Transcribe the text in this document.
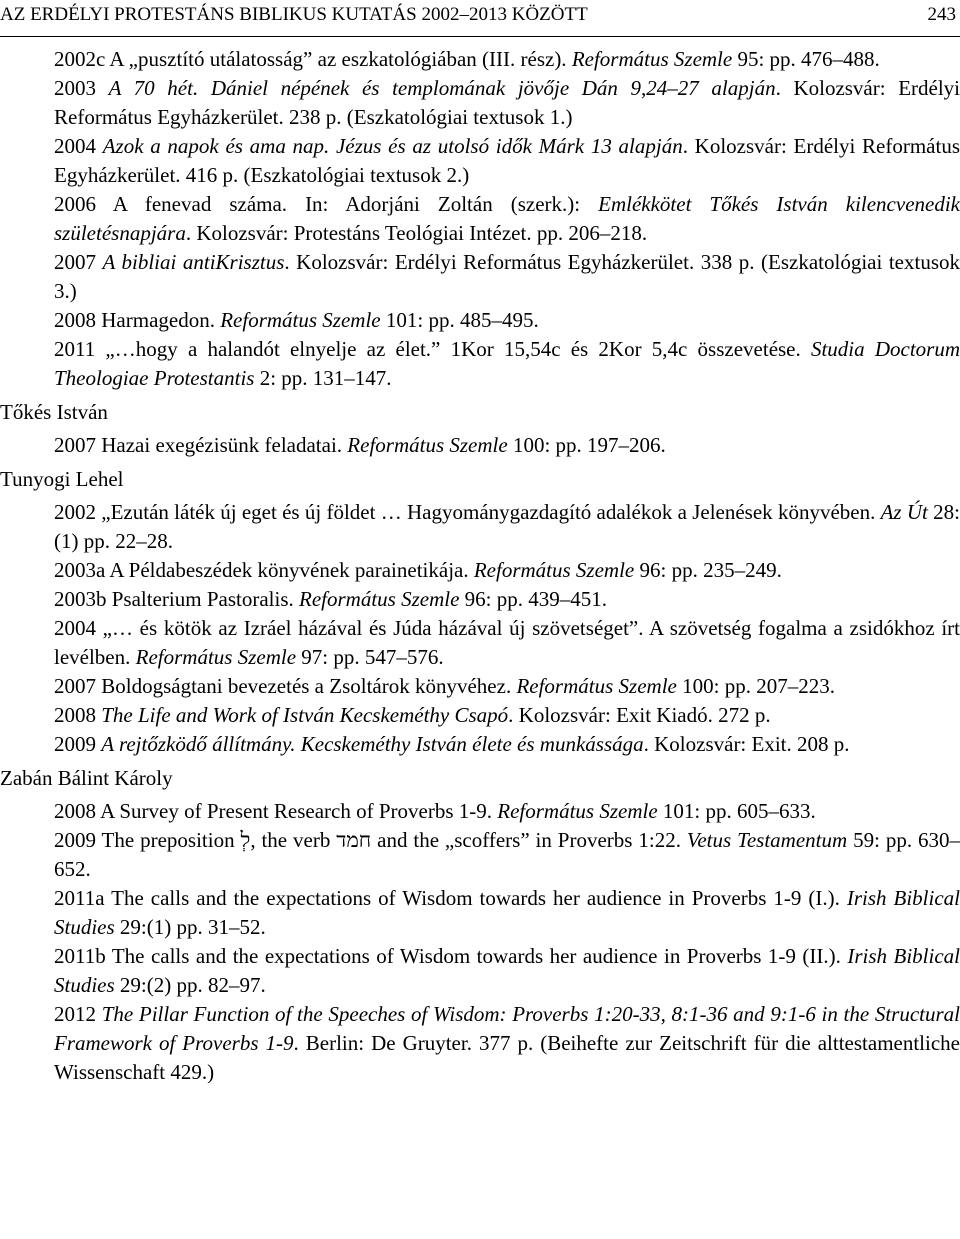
AZ ERDÉLYI PROTESTÁNS BIBLIKUS KUTATÁS 2002–2013 KÖZÖTT	243

2002c A „pusztító utálatosság” az eszkatológiában (III. rész). Református Szemle 95: pp. 476–488.

2003 A 70 hét. Dániel népének és templomának jövője Dán 9,24–27 alapján. Kolozsvár: Erdélyi Református Egyházkerület. 238 p. (Eszkatológiai textusok 1.)

2004 Azok a napok és ama nap. Jézus és az utolsó idők Márk 13 alapján. Kolozsvár: Erdélyi Református Egyházkerület. 416 p. (Eszkatológiai textusok 2.)

2006 A fenevad száma. In: Adorjáni Zoltán (szerk.): Emlékkötet Tőkés István kilencvenedik születésnapjára. Kolozsvár: Protestáns Teológiai Intézet. pp. 206–218.

2007 A bibliai antiKrisztus. Kolozsvár: Erdélyi Református Egyházkerület. 338 p. (Eszkatológiai textusok 3.)

2008 Harmagedon. Református Szemle 101: pp. 485–495.

2011 „…hogy a halandót elnyelje az élet.” 1Kor 15,54c és 2Kor 5,4c összevetése. Studia Doctorum Theologiae Protestantis 2: pp. 131–147.

Tőkés István

2007 Hazai exegézisünk feladatai. Református Szemle 100: pp. 197–206.

Tunyogi Lehel

2002 „Ezután láték új eget és új földet … Hagyománygazdagító adalékok a Jelenések könyvében. Az Út 28:(1) pp. 22–28.

2003a A Példabeszédek könyvének parainetikája. Református Szemle 96: pp. 235–249.

2003b Psalterium Pastoralis. Református Szemle 96: pp. 439–451.

2004 „… és kötök az Izráel házával és Júda házával új szövetséget”. A szövetség fogalma a zsidókhoz írt levélben. Református Szemle 97: pp. 547–576.

2007 Boldogságtani bevezetés a Zsoltárok könyvéhez. Református Szemle 100: pp. 207–223.

2008 The Life and Work of István Kecskeméthy Csapó. Kolozsvár: Exit Kiadó. 272 p.

2009 A rejtőzködő állítmány. Kecskeméthy István élete és munkássága. Kolozsvár: Exit. 208 p.

Zabán Bálint Károly

2008 A Survey of Present Research of Proverbs 1-9. Református Szemle 101: pp. 605–633.

2009 The preposition לְ, the verb חמד and the „scoffers” in Proverbs 1:22. Vetus Testamentum 59: pp. 630–652.

2011a The calls and the expectations of Wisdom towards her audience in Proverbs 1-9 (I.). Irish Biblical Studies 29:(1) pp. 31–52.

2011b The calls and the expectations of Wisdom towards her audience in Proverbs 1-9 (II.). Irish Biblical Studies 29:(2) pp. 82–97.

2012 The Pillar Function of the Speeches of Wisdom: Proverbs 1:20-33, 8:1-36 and 9:1-6 in the Structural Framework of Proverbs 1-9. Berlin: De Gruyter. 377 p. (Beihefte zur Zeitschrift für die alttestamentliche Wissenschaft 429.)
